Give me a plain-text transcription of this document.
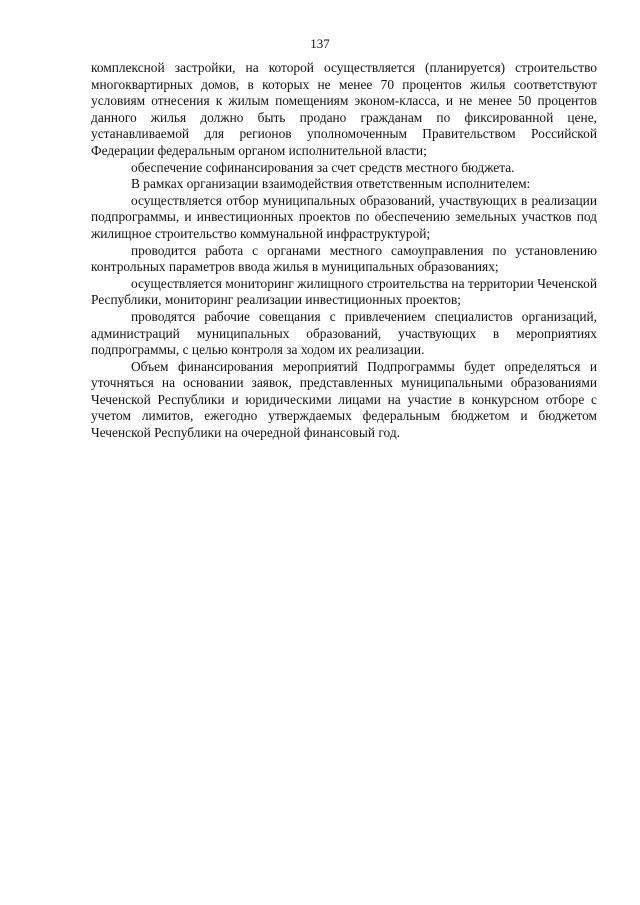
137

комплексной застройки, на которой осуществляется (планируется) строительство многоквартирных домов, в которых не менее 70 процентов жилья соответствуют условиям отнесения к жилым помещениям эконом-класса, и не менее 50 процентов данного жилья должно быть продано гражданам по фиксированной цене, устанавливаемой для регионов уполномоченным Правительством Российской Федерации федеральным органом исполнительной власти;

обеспечение софинансирования за счет средств местного бюджета.

В рамках организации взаимодействия ответственным исполнителем:

осуществляется отбор муниципальных образований, участвующих в реализации подпрограммы, и инвестиционных проектов по обеспечению земельных участков под жилищное строительство коммунальной инфраструктурой;

проводится работа с органами местного самоуправления по установлению контрольных параметров ввода жилья в муниципальных образованиях;

осуществляется мониторинг жилищного строительства на территории Чеченской Республики, мониторинг реализации инвестиционных проектов;

проводятся рабочие совещания с привлечением специалистов организаций, администраций муниципальных образований, участвующих в мероприятиях подпрограммы, с целью контроля за ходом их реализации.

Объем финансирования мероприятий Подпрограммы будет определяться и уточняться на основании заявок, представленных муниципальными образованиями Чеченской Республики и юридическими лицами на участие в конкурсном отборе с учетом лимитов, ежегодно утверждаемых федеральным бюджетом и бюджетом Чеченской Республики на очередной финансовый год.
